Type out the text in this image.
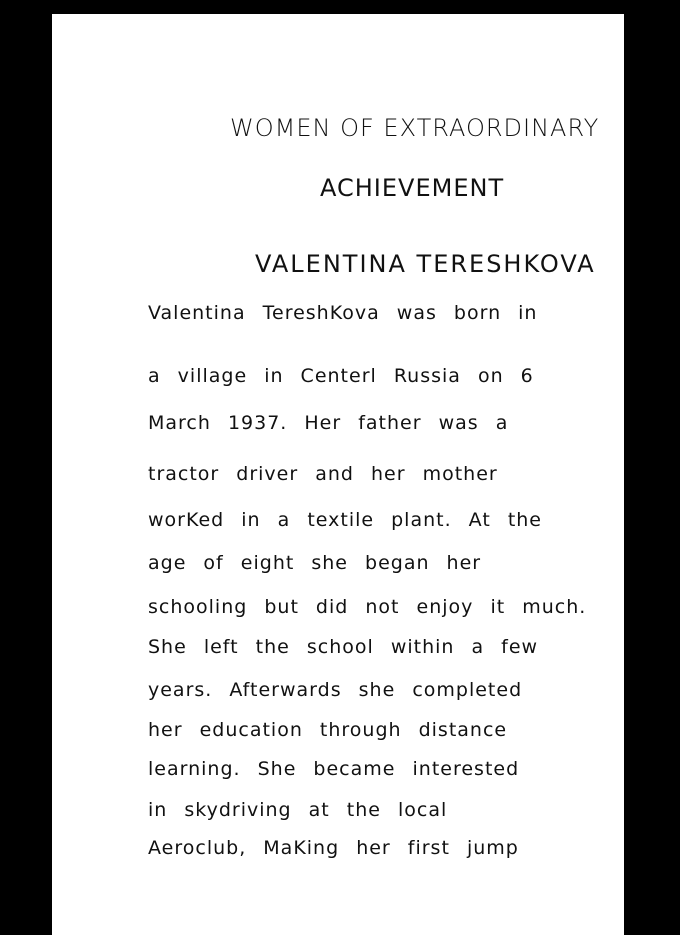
WOMEN OF EXTRAORDINARY
ACHIEVEMENT
VALENTINA TERESHKOVA
Valentina TereshKova was born in
a village in Centerl Russia on 6
March 1937. Her father was a
tractor driver and her mother
worKed in a textile plant. At the
age of eight she began her
schooling but did not enjoy it much.
She left the school within a few
years. Afterwards she completed
her education through distance
learning. She became interested
in skydriving at the local
Aeroclub, MaKing her first jump
